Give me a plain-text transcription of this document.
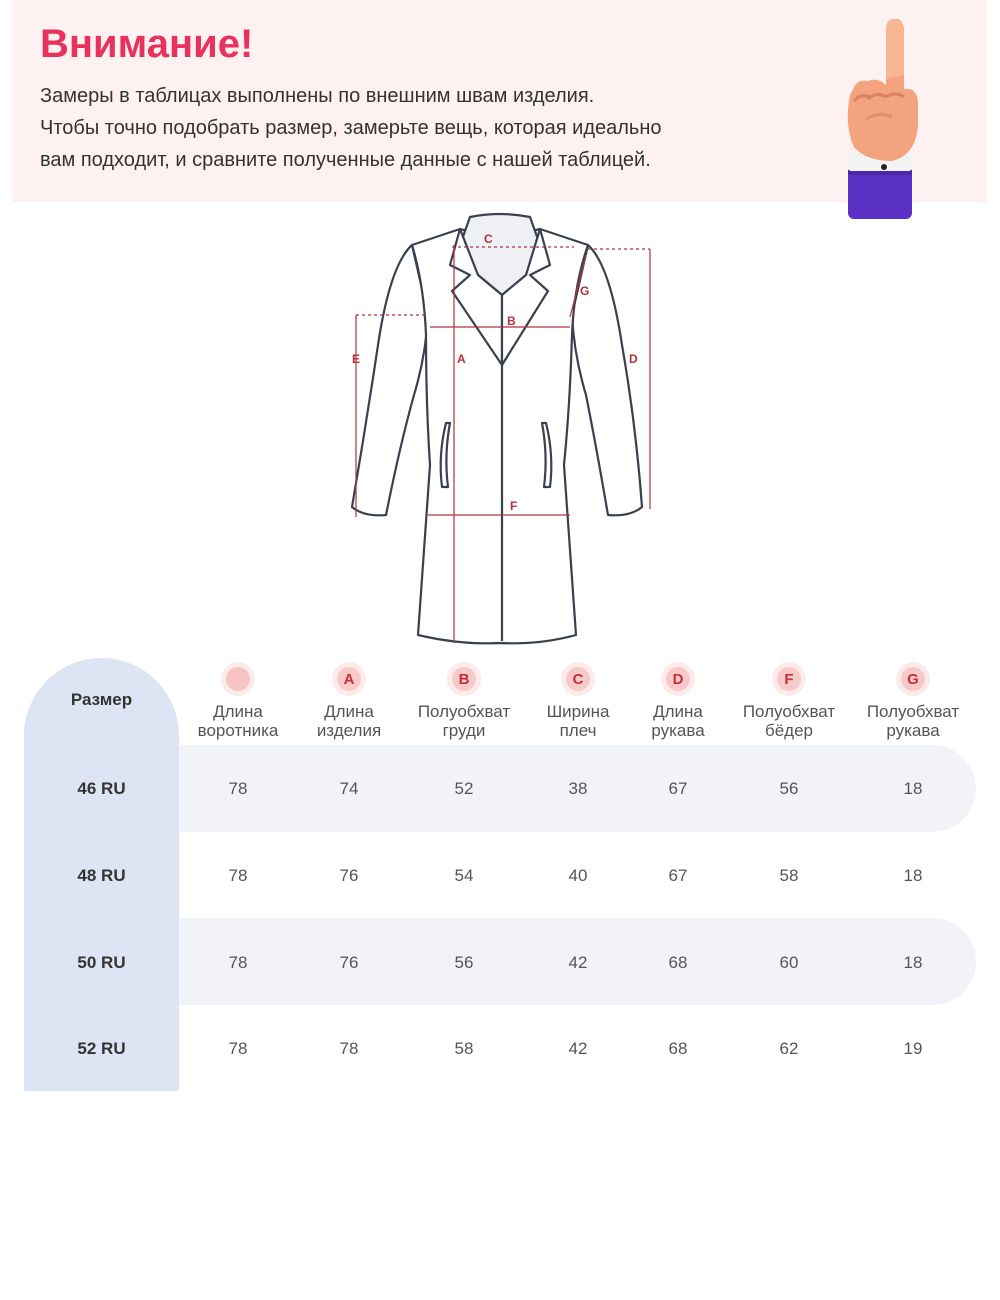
Внимание!
Замеры в таблицах выполнены по внешним швам изделия.
Чтобы точно подобрать размер, замерьте вещь, которая идеально
вам подходит, и сравните полученные данные с нашей таблицей.
C
B
A
E	D
G
F
Размер
Длина
воротника
A
Длина
изделия
B
Полуобхват
груди
C
Ширина
плеч
D
Длина
рукава
F
Полуобхват
бёдер
G
Полуобхват
рукава
46 RU	78	74	52	38	67	56	18
48 RU	78	76	54	40	67	58	18
50 RU	78	76	56	42	68	60	18
52 RU	78	78	58	42	68	62	19
